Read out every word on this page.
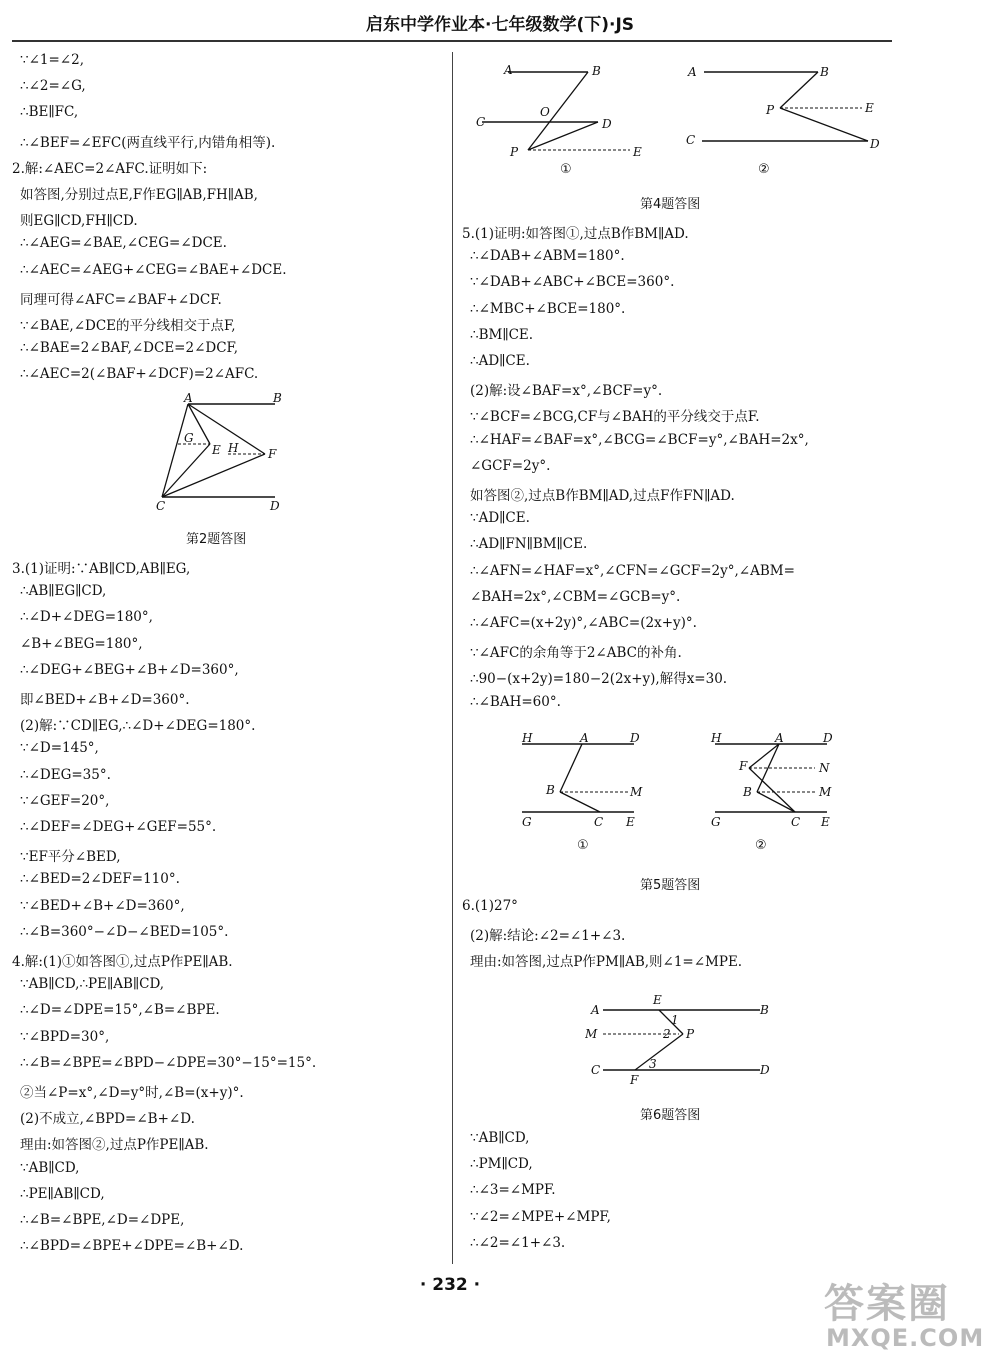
启东中学作业本·七年级数学(下)·JS
∵∠1=∠2,
∴∠2=∠G,
∴BE∥FC,
∴∠BEF=∠EFC(两直线平行,内错角相等).
2.解:∠AEC=2∠AFC.证明如下:
如答图,分别过点E,F作EG∥AB,FH∥AB,
则EG∥CD,FH∥CD.
∴∠AEG=∠BAE,∠CEG=∠DCE.
∴∠AEC=∠AEG+∠CEG=∠BAE+∠DCE.
同理可得∠AFC=∠BAF+∠DCF.
∵∠BAE,∠DCE的平分线相交于点F,
∴∠BAE=2∠BAF,∠DCE=2∠DCF,
∴∠AEC=2(∠BAF+∠DCF)=2∠AFC.
3.(1)证明:∵AB∥CD,AB∥EG,
∴AB∥EG∥CD,
∴∠D+∠DEG=180°,
∠B+∠BEG=180°,
∴∠DEG+∠BEG+∠B+∠D=360°,
即∠BED+∠B+∠D=360°.
(2)解:∵CD∥EG,∴∠D+∠DEG=180°.
∵∠D=145°,
∴∠DEG=35°.
∵∠GEF=20°,
∴∠DEF=∠DEG+∠GEF=55°.
∵EF平分∠BED,
∴∠BED=2∠DEF=110°.
∵∠BED+∠B+∠D=360°,
∴∠B=360°−∠D−∠BED=105°.
4.解:(1)①如答图①,过点P作PE∥AB.
∵AB∥CD,∴PE∥AB∥CD,
∴∠D=∠DPE=15°,∠B=∠BPE.
∵∠BPD=30°,
∴∠B=∠BPE=∠BPD−∠DPE=30°−15°=15°.
②当∠P=x°,∠D=y°时,∠B=(x+y)°.
(2)不成立,∠BPD=∠B+∠D.
理由:如答图②,过点P作PE∥AB.
∵AB∥CD,
∴PE∥AB∥CD,
∴∠B=∠BPE,∠D=∠DPE,
∴∠BPD=∠BPE+∠DPE=∠B+∠D.
A	B
G
E H F
C	D
第2题答图
A	B
C
O
D
P	E
①
A	B
P	E
C	D
②
第4题答图
5.(1)证明:如答图①,过点B作BM∥AD.
∴∠DAB+∠ABM=180°.
∵∠DAB+∠ABC+∠BCE=360°.
∴∠MBC+∠BCE=180°.
∴BM∥CE.
∴AD∥CE.
(2)解:设∠BAF=x°,∠BCF=y°.
∵∠BCF=∠BCG,CF与∠BAH的平分线交于点F.
∴∠HAF=∠BAF=x°,∠BCG=∠BCF=y°,∠BAH=2x°,
∠GCF=2y°.
如答图②,过点B作BM∥AD,过点F作FN∥AD.
∵AD∥CE.
∴AD∥FN∥BM∥CE.
∴∠AFN=∠HAF=x°,∠CFN=∠GCF=2y°,∠ABM=
∠BAH=2x°,∠CBM=∠GCB=y°.
∴∠AFC=(x+2y)°,∠ABC=(2x+y)°.
∵∠AFC的余角等于2∠ABC的补角.
∴90−(x+2y)=180−2(2x+y),解得x=30.
∴∠BAH=60°.
H	A	D
B	M
G	C E
①
H	A	D
F	N
B	M
G	C E
②
第5题答图
6.(1)27°
(2)解:结论:∠2=∠1+∠3.
理由:如答图,过点P作PM∥AB,则∠1=∠MPE.
A
E
B
M	2
1
P
3
C
F
D
第6题答图
∵AB∥CD,
∴PM∥CD,
∴∠3=∠MPF.
∵∠2=∠MPE+∠MPF,
∴∠2=∠1+∠3.
· 232 ·	答案圈
MXQE.COM
